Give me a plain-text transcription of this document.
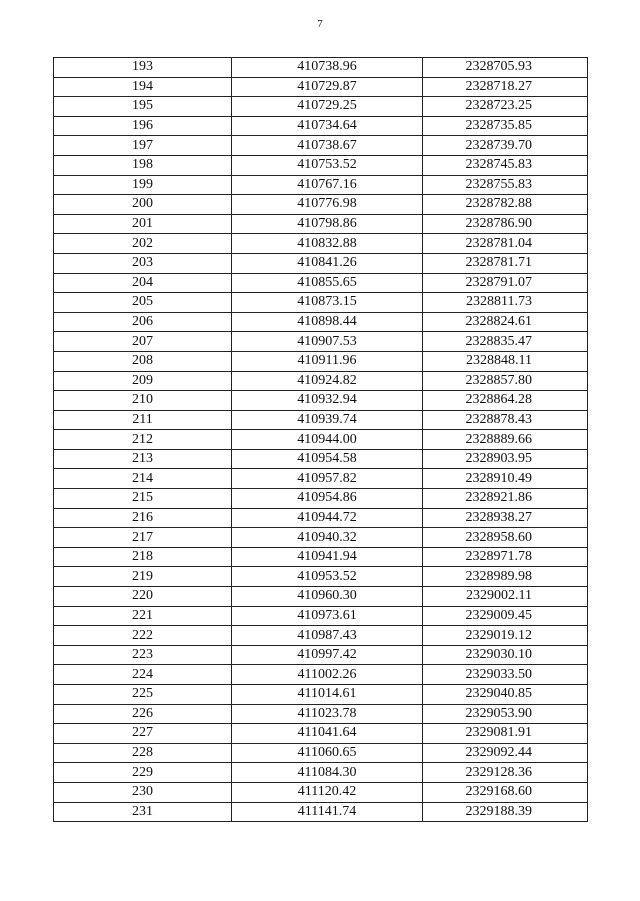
7
193	410738.96	2328705.93
194	410729.87	2328718.27
195	410729.25	2328723.25
196	410734.64	2328735.85
197	410738.67	2328739.70
198	410753.52	2328745.83
199	410767.16	2328755.83
200	410776.98	2328782.88
201	410798.86	2328786.90
202	410832.88	2328781.04
203	410841.26	2328781.71
204	410855.65	2328791.07
205	410873.15	2328811.73
206	410898.44	2328824.61
207	410907.53	2328835.47
208	410911.96	2328848.11
209	410924.82	2328857.80
210	410932.94	2328864.28
211	410939.74	2328878.43
212	410944.00	2328889.66
213	410954.58	2328903.95
214	410957.82	2328910.49
215	410954.86	2328921.86
216	410944.72	2328938.27
217	410940.32	2328958.60
218	410941.94	2328971.78
219	410953.52	2328989.98
220	410960.30	2329002.11
221	410973.61	2329009.45
222	410987.43	2329019.12
223	410997.42	2329030.10
224	411002.26	2329033.50
225	411014.61	2329040.85
226	411023.78	2329053.90
227	411041.64	2329081.91
228	411060.65	2329092.44
229	411084.30	2329128.36
230	411120.42	2329168.60
231	411141.74	2329188.39
